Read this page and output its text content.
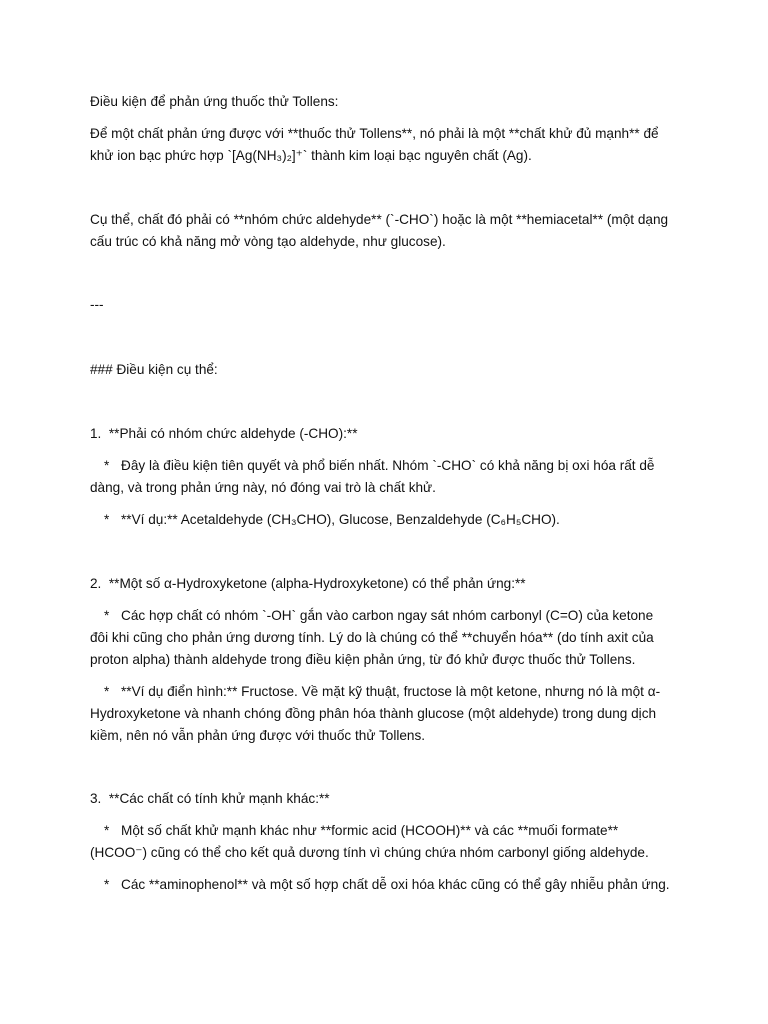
Điều kiện để phản ứng thuốc thử Tollens:

Để một chất phản ứng được với **thuốc thử Tollens**, nó phải là một **chất khử đủ mạnh** để khử ion bạc phức hợp `[Ag(NH₃)₂]⁺` thành kim loại bạc nguyên chất (Ag).

Cụ thể, chất đó phải có **nhóm chức aldehyde** (`-CHO`) hoặc là một **hemiacetal** (một dạng cấu trúc có khả năng mở vòng tạo aldehyde, như glucose).

---

### Điều kiện cụ thể:

1.  **Phải có nhóm chức aldehyde (-CHO):**

* Đây là điều kiện tiên quyết và phổ biến nhất. Nhóm `-CHO` có khả năng bị oxi hóa rất dễ dàng, và trong phản ứng này, nó đóng vai trò là chất khử.

* **Ví dụ:** Acetaldehyde (CH₃CHO), Glucose, Benzaldehyde (C₆H₅CHO).

2.  **Một số α-Hydroxyketone (alpha-Hydroxyketone) có thể phản ứng:**

* Các hợp chất có nhóm `-OH` gắn vào carbon ngay sát nhóm carbonyl (C=O) của ketone đôi khi cũng cho phản ứng dương tính. Lý do là chúng có thể **chuyển hóa** (do tính axit của proton alpha) thành aldehyde trong điều kiện phản ứng, từ đó khử được thuốc thử Tollens.

* **Ví dụ điển hình:** Fructose. Về mặt kỹ thuật, fructose là một ketone, nhưng nó là một α-Hydroxyketone và nhanh chóng đồng phân hóa thành glucose (một aldehyde) trong dung dịch kiềm, nên nó vẫn phản ứng được với thuốc thử Tollens.

3.  **Các chất có tính khử mạnh khác:**

* Một số chất khử mạnh khác như **formic acid (HCOOH)** và các **muối formate** (HCOO⁻) cũng có thể cho kết quả dương tính vì chúng chứa nhóm carbonyl giống aldehyde.

* Các **aminophenol** và một số hợp chất dễ oxi hóa khác cũng có thể gây nhiễu phản ứng.
